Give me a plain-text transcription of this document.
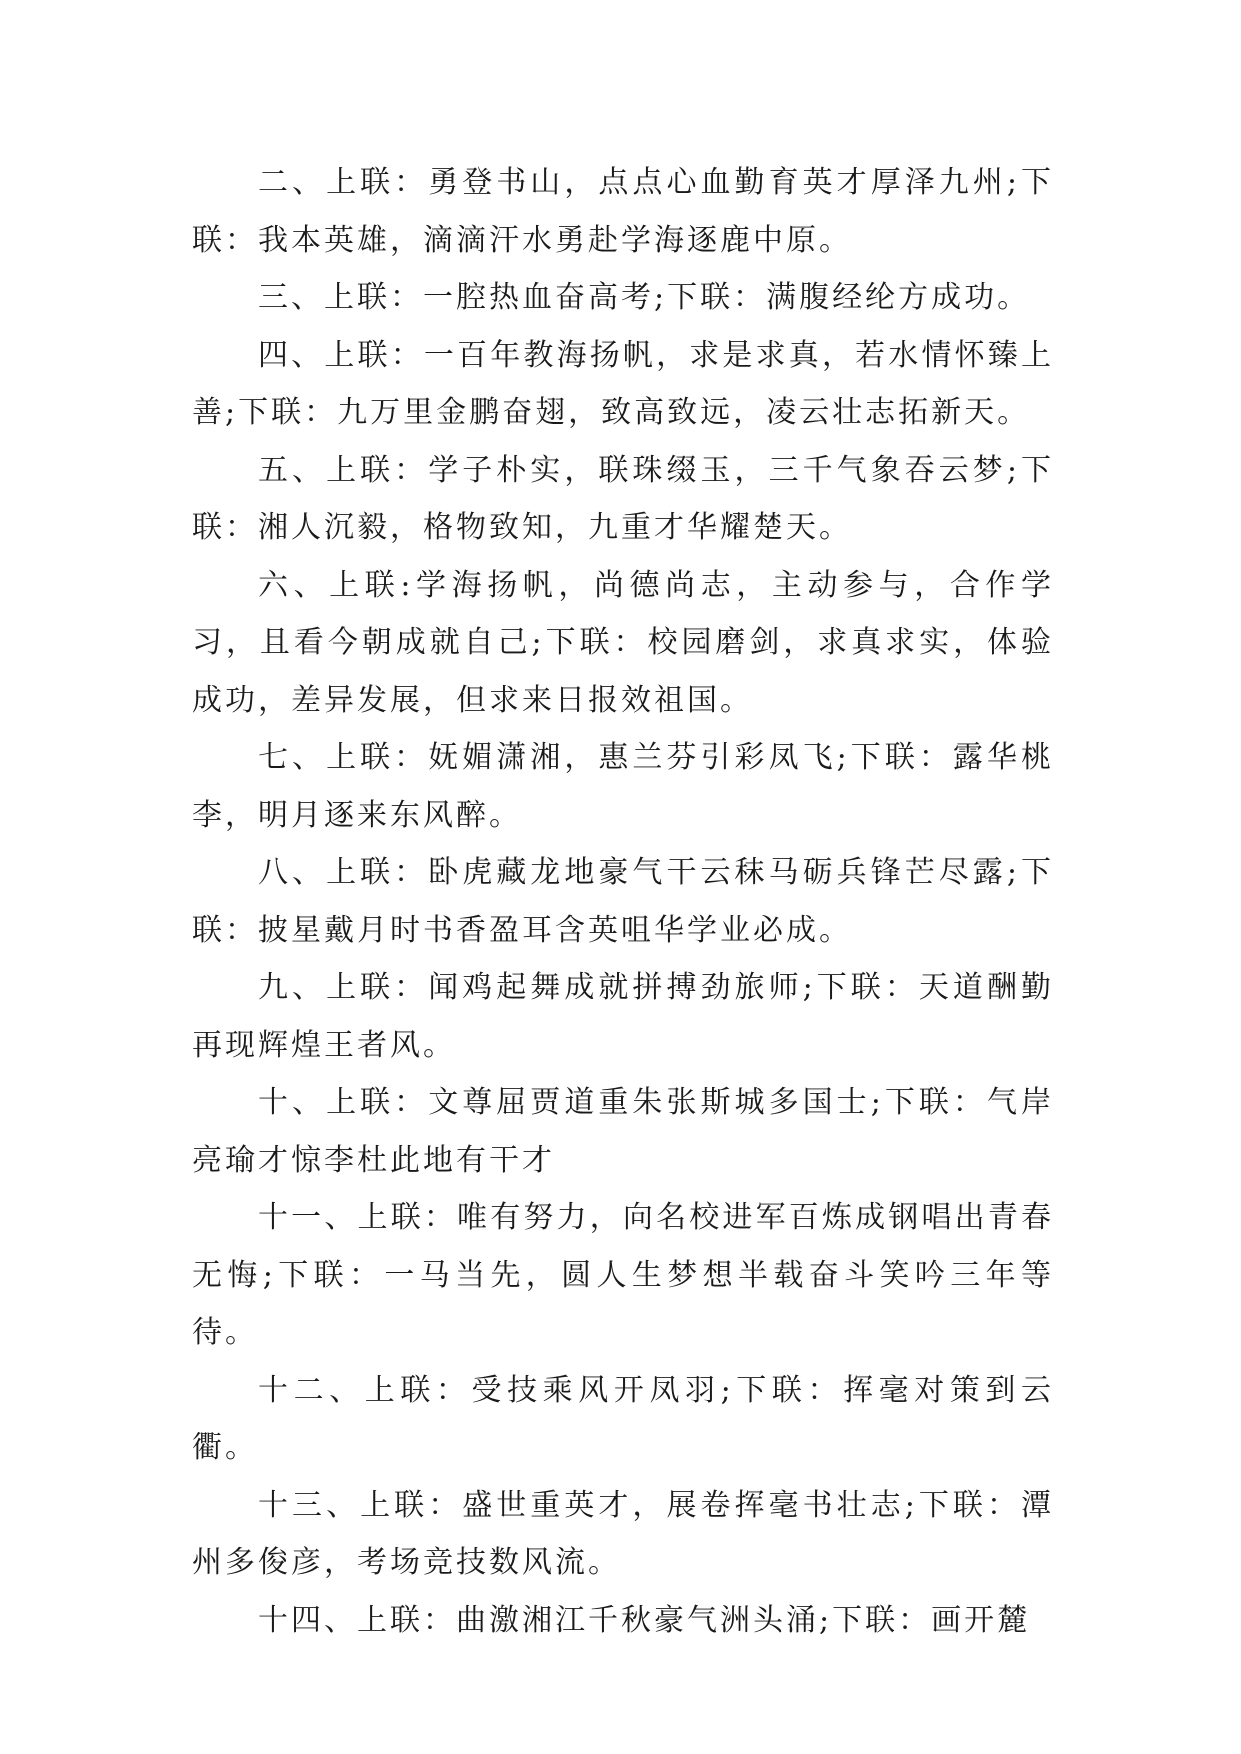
二、上联：勇登书山，点点心血勤育英才厚泽九州;下联：我本英雄，滴滴汗水勇赴学海逐鹿中原。

三、上联：一腔热血奋高考;下联：满腹经纶方成功。

四、上联：一百年教海扬帆，求是求真，若水情怀臻上善;下联：九万里金鹏奋翅，致高致远，凌云壮志拓新天。

五、上联：学子朴实，联珠缀玉，三千气象吞云梦;下联：湘人沉毅，格物致知，九重才华耀楚天。

六、上联:学海扬帆，尚德尚志，主动参与，合作学习，且看今朝成就自己;下联：校园磨剑，求真求实，体验成功，差异发展，但求来日报效祖国。

七、上联：妩媚潇湘，惠兰芬引彩凤飞;下联：露华桃李，明月逐来东风醉。

八、上联：卧虎藏龙地豪气干云秣马砺兵锋芒尽露;下联：披星戴月时书香盈耳含英咀华学业必成。

九、上联：闻鸡起舞成就拼搏劲旅师;下联：天道酬勤再现辉煌王者风。

十、上联：文尊屈贾道重朱张斯城多国士;下联：气岸亮瑜才惊李杜此地有干才

十一、上联：唯有努力，向名校进军百炼成钢唱出青春无悔;下联：一马当先，圆人生梦想半载奋斗笑吟三年等待。

十二、上联：受技乘风开凤羽;下联：挥毫对策到云衢。

十三、上联：盛世重英才，展卷挥毫书壮志;下联：潭州多俊彦，考场竞技数风流。

十四、上联：曲激湘江千秋豪气洲头涌;下联：画开麓
